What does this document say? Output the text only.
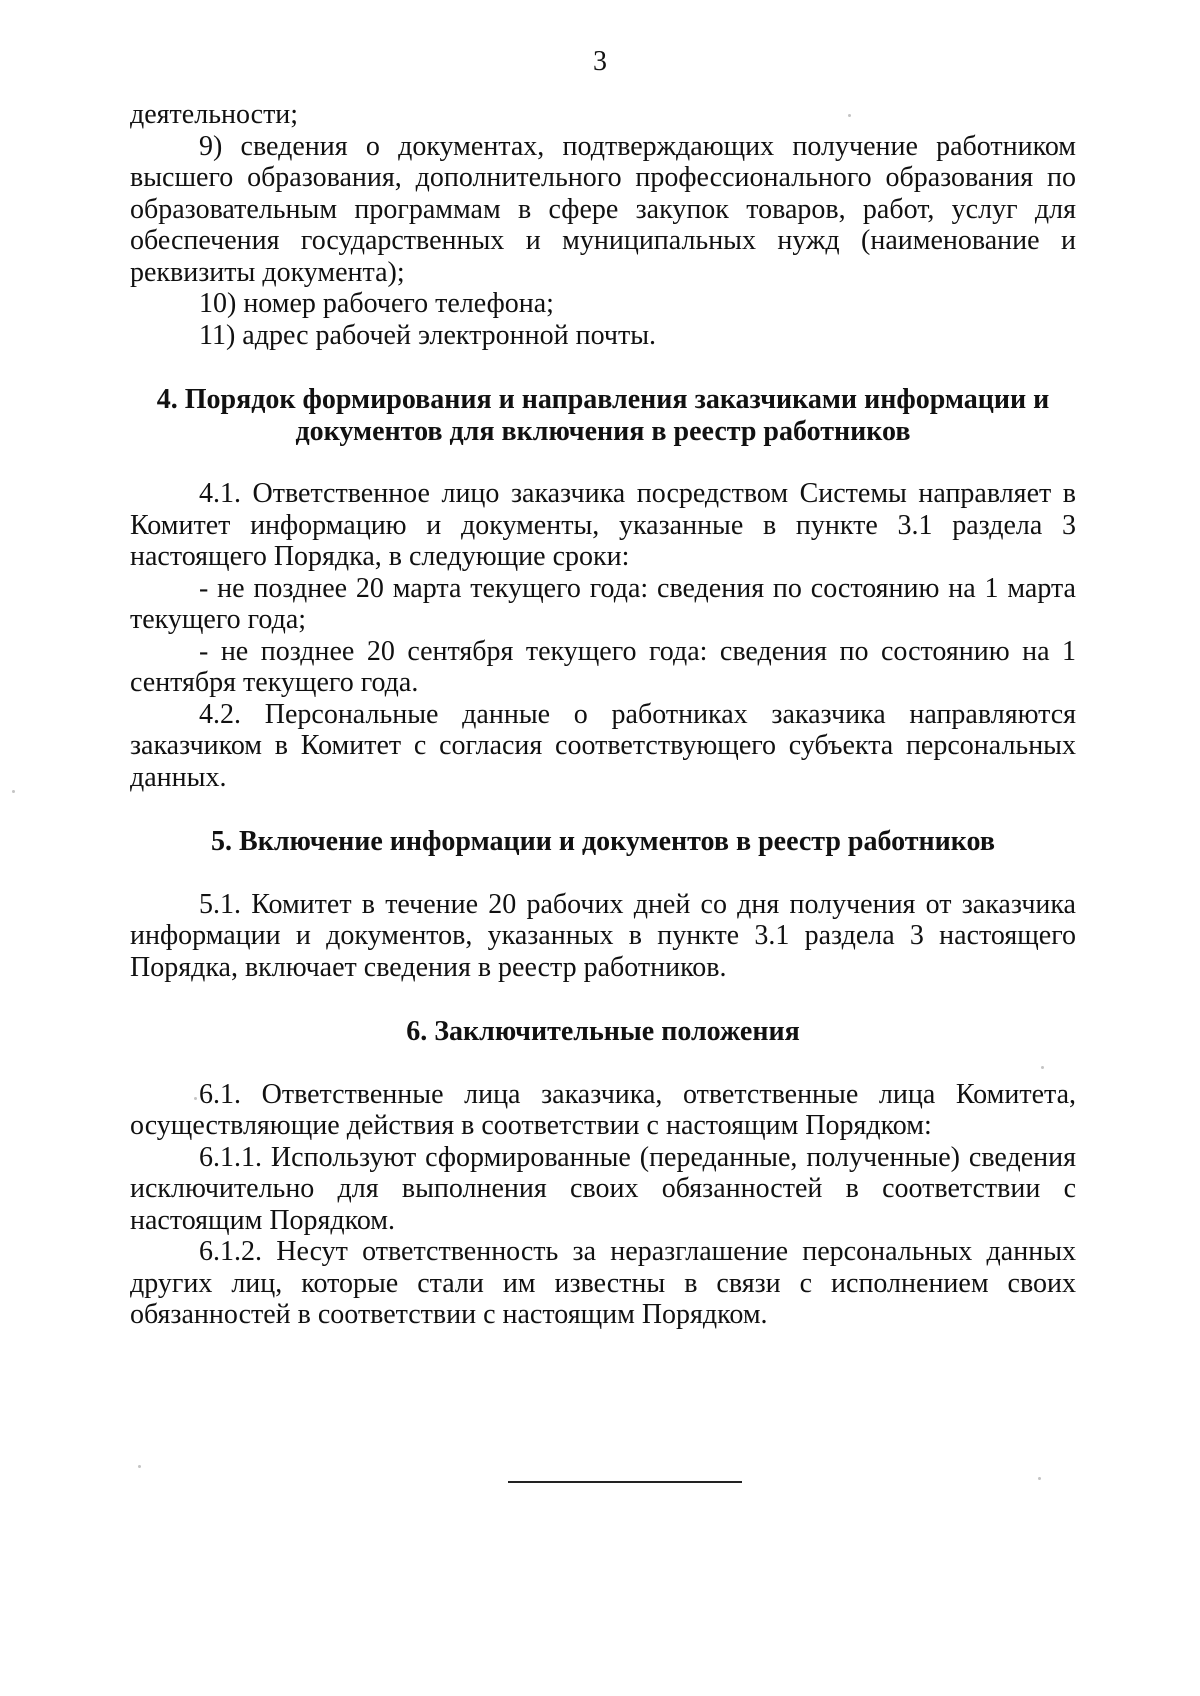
3

деятельности;

9) сведения о документах, подтверждающих получение работником высшего образования, дополнительного профессионального образования по образовательным программам в сфере закупок товаров, работ, услуг для обеспечения государственных и муниципальных нужд (наименование и реквизиты документа);

10) номер рабочего телефона;

11) адрес рабочей электронной почты.

4. Порядок формирования и направления заказчиками информации и
документов для включения в реестр работников

4.1. Ответственное лицо заказчика посредством Системы направляет в Комитет информацию и документы, указанные в пункте 3.1 раздела 3 настоящего Порядка, в следующие сроки:

- не позднее 20 марта текущего года: сведения по состоянию на 1 марта текущего года;

- не позднее 20 сентября текущего года: сведения по состоянию на 1 сентября текущего года.

4.2. Персональные данные о работниках заказчика направляются заказчиком в Комитет с согласия соответствующего субъекта персональных данных.

5. Включение информации и документов в реестр работников

5.1. Комитет в течение 20 рабочих дней со дня получения от заказчика информации и документов, указанных в пункте 3.1 раздела 3 настоящего Порядка, включает сведения в реестр работников.

6. Заключительные положения

6.1. Ответственные лица заказчика, ответственные лица Комитета, осуществляющие действия в соответствии с настоящим Порядком:

6.1.1. Используют сформированные (переданные, полученные) сведения исключительно для выполнения своих обязанностей в соответствии с настоящим Порядком.

6.1.2. Несут ответственность за неразглашение персональных данных других лиц, которые стали им известны в связи с исполнением своих обязанностей в соответствии с настоящим Порядком.
